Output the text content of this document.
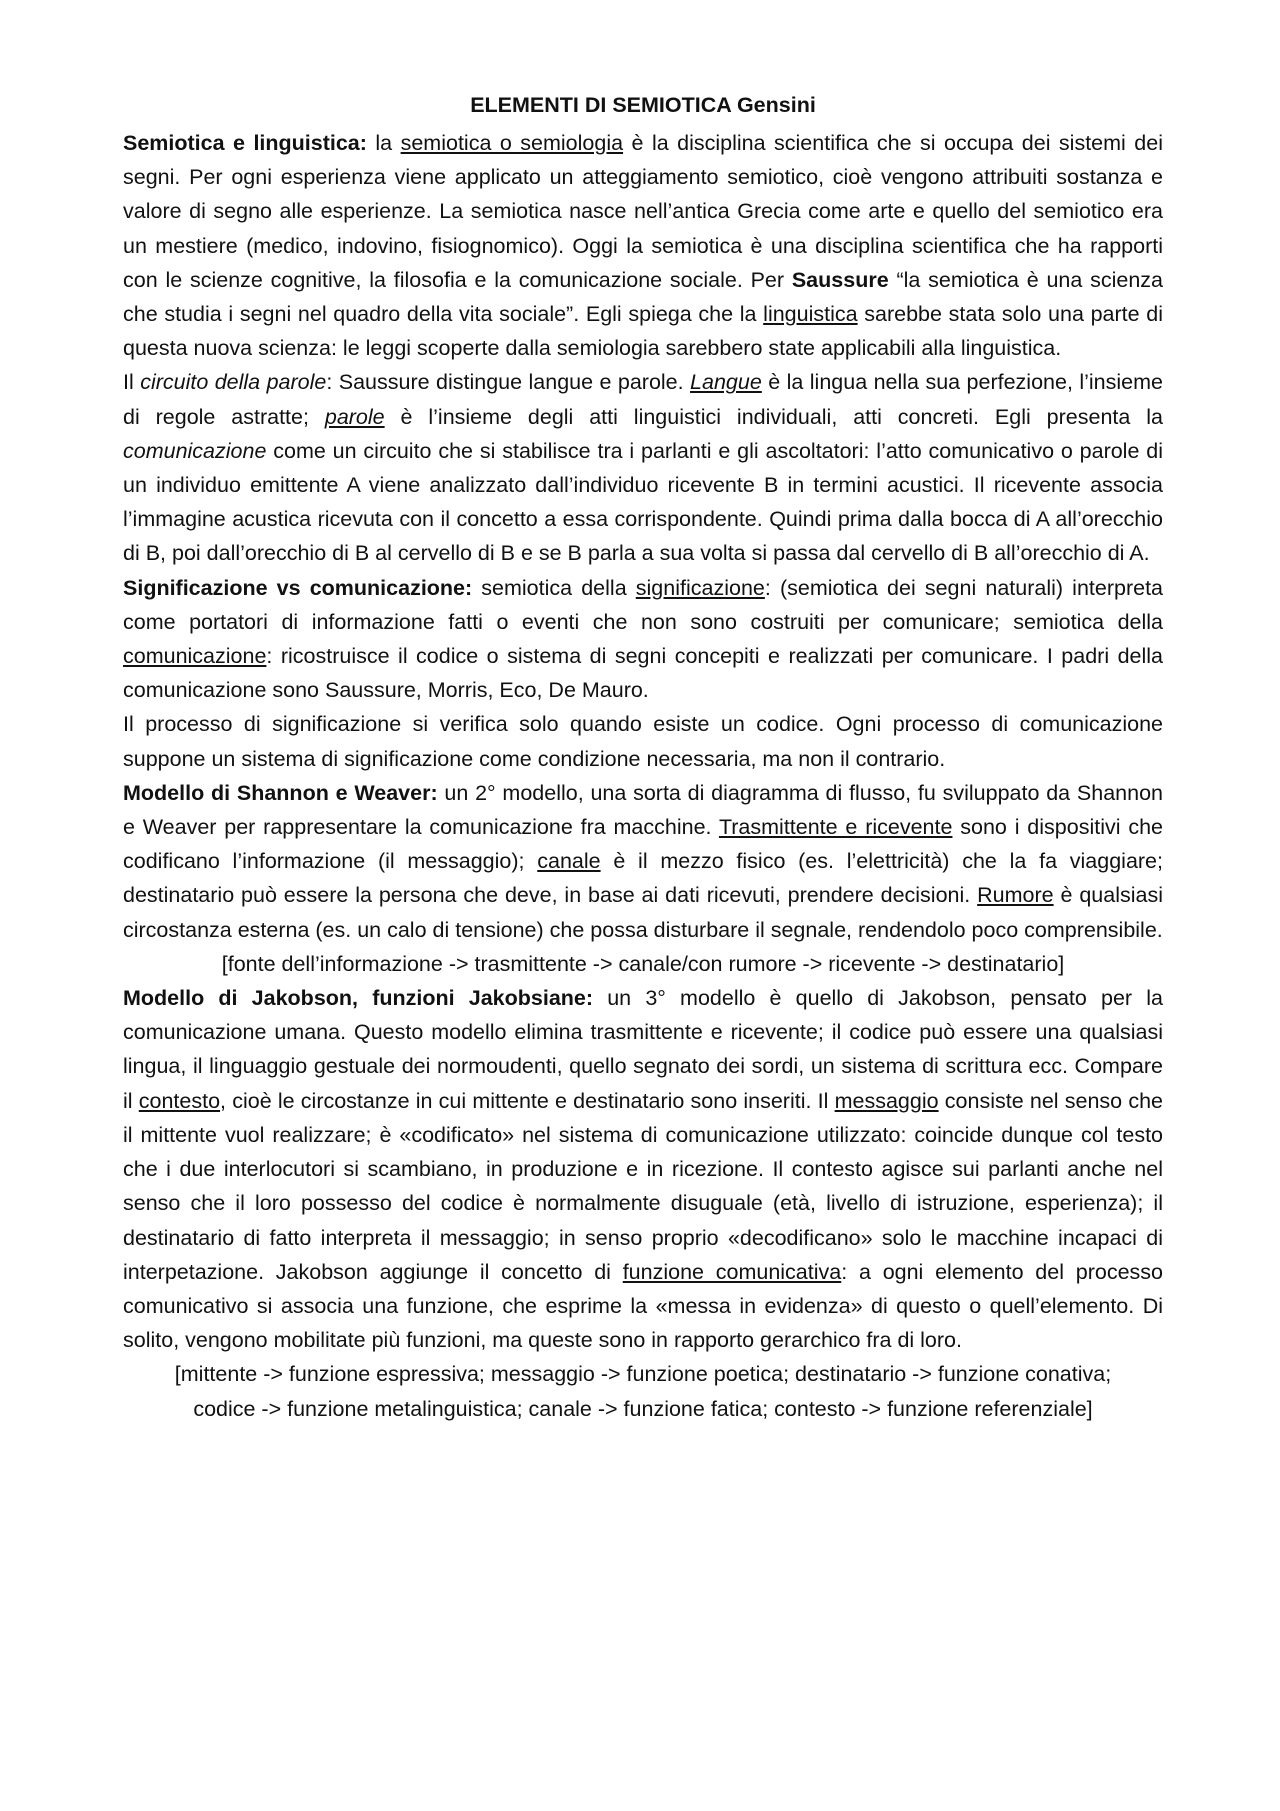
ELEMENTI DI SEMIOTICA Gensini

Semiotica e linguistica: la semiotica o semiologia è la disciplina scientifica che si occupa dei sistemi dei segni. Per ogni esperienza viene applicato un atteggiamento semiotico, cioè vengono attribuiti sostanza e valore di segno alle esperienze. La semiotica nasce nell’antica Grecia come arte e quello del semiotico era un mestiere (medico, indovino, fisiognomico). Oggi la semiotica è una disciplina scientifica che ha rapporti con le scienze cognitive, la filosofia e la comunicazione sociale. Per Saussure “la semiotica è una scienza che studia i segni nel quadro della vita sociale”. Egli spiega che la linguistica sarebbe stata solo una parte di questa nuova scienza: le leggi scoperte dalla semiologia sarebbero state applicabili alla linguistica.

Il circuito della parole: Saussure distingue langue e parole. Langue è la lingua nella sua perfezione, l’insieme di regole astratte; parole è l’insieme degli atti linguistici individuali, atti concreti. Egli presenta la comunicazione come un circuito che si stabilisce tra i parlanti e gli ascoltatori: l’atto comunicativo o parole di un individuo emittente A viene analizzato dall’individuo ricevente B in termini acustici. Il ricevente associa l’immagine acustica ricevuta con il concetto a essa corrispondente. Quindi prima dalla bocca di A all’orecchio di B, poi dall’orecchio di B al cervello di B e se B parla a sua volta si passa dal cervello di B all’orecchio di A.

Significazione vs comunicazione: semiotica della significazione: (semiotica dei segni naturali) interpreta come portatori di informazione fatti o eventi che non sono costruiti per comunicare; semiotica della comunicazione: ricostruisce il codice o sistema di segni concepiti e realizzati per comunicare. I padri della comunicazione sono Saussure, Morris, Eco, De Mauro.

Il processo di significazione si verifica solo quando esiste un codice. Ogni processo di comunicazione suppone un sistema di significazione come condizione necessaria, ma non il contrario.

Modello di Shannon e Weaver: un 2° modello, una sorta di diagramma di flusso, fu sviluppato da Shannon e Weaver per rappresentare la comunicazione fra macchine. Trasmittente e ricevente sono i dispositivi che codificano l’informazione (il messaggio); canale è il mezzo fisico (es. l’elettricità) che la fa viaggiare; destinatario può essere la persona che deve, in base ai dati ricevuti, prendere decisioni. Rumore è qualsiasi circostanza esterna (es. un calo di tensione) che possa disturbare il segnale, rendendolo poco comprensibile.

[fonte dell’informazione -> trasmittente -> canale/con rumore -> ricevente -> destinatario]

Modello di Jakobson, funzioni Jakobsiane: un 3° modello è quello di Jakobson, pensato per la comunicazione umana. Questo modello elimina trasmittente e ricevente; il codice può essere una qualsiasi lingua, il linguaggio gestuale dei normoudenti, quello segnato dei sordi, un sistema di scrittura ecc. Compare il contesto, cioè le circostanze in cui mittente e destinatario sono inseriti. Il messaggio consiste nel senso che il mittente vuol realizzare; è «codificato» nel sistema di comunicazione utilizzato: coincide dunque col testo che i due interlocutori si scambiano, in produzione e in ricezione. Il contesto agisce sui parlanti anche nel senso che il loro possesso del codice è normalmente disuguale (età, livello di istruzione, esperienza); il destinatario di fatto interpreta il messaggio; in senso proprio «decodificano» solo le macchine incapaci di interpetazione. Jakobson aggiunge il concetto di funzione comunicativa: a ogni elemento del processo comunicativo si associa una funzione, che esprime la «messa in evidenza» di questo o quell’elemento. Di solito, vengono mobilitate più funzioni, ma queste sono in rapporto gerarchico fra di loro.

[mittente -> funzione espressiva; messaggio -> funzione poetica; destinatario -> funzione conativa;

codice -> funzione metalinguistica; canale -> funzione fatica; contesto -> funzione referenziale]
